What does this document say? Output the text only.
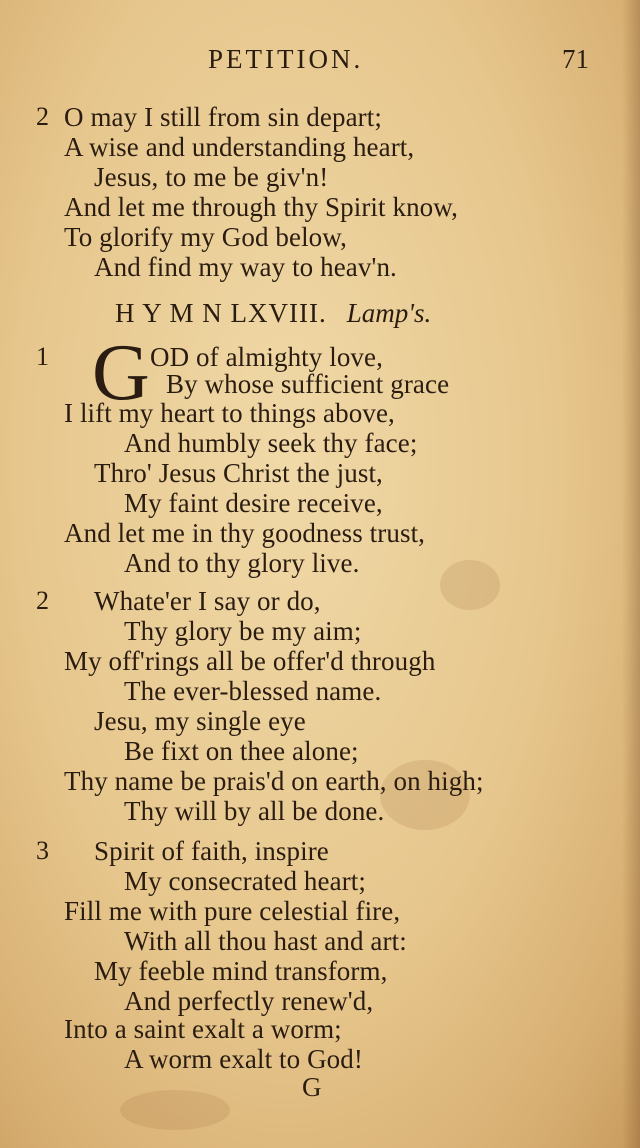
PETITION.	71
2 O may I still from sin depart;
A wise and understanding heart,
Jesus, to me be giv'n!
And let me through thy Spirit know,
To glorify my God below,
And find my way to heav'n.
H Y M N LXVIII. Lamp's.
1 G OD of almighty love,
By whose sufficient grace
I lift my heart to things above,
And humbly seek thy face;
Thro' Jesus Christ the just,
My faint desire receive,
And let me in thy goodness trust,
And to thy glory live.
2 Whate'er I say or do,
Thy glory be my aim;
My off'rings all be offer'd through
The ever-blessed name.
Jesu, my single eye
Be fixt on thee alone;
Thy name be prais'd on earth, on high;
Thy will by all be done.
3 Spirit of faith, inspire
My consecrated heart;
Fill me with pure celestial fire,
With all thou hast and art:
My feeble mind transform,
And perfectly renew'd,
Into a saint exalt a worm;
A worm exalt to God!
G
